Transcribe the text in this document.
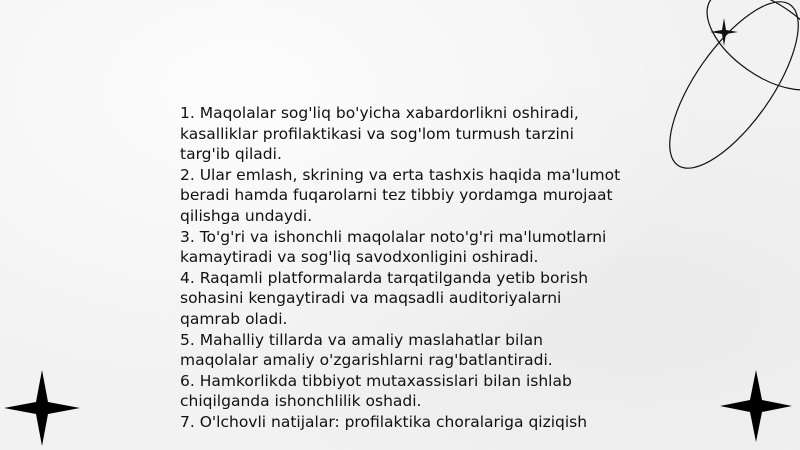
1. Maqolalar sog'liq bo'yicha xabardorlikni oshiradi, kasalliklar profilaktikasi va sog'lom turmush tarzini targ'ib qiladi.

2. Ular emlash, skrining va erta tashxis haqida ma'lumot beradi hamda fuqarolarni tez tibbiy yordamga murojaat qilishga undaydi.

3. To'g'ri va ishonchli maqolalar noto'g'ri ma'lumotlarni kamaytiradi va sog'liq savodxonligini oshiradi.

4. Raqamli platformalarda tarqatilganda yetib borish sohasini kengaytiradi va maqsadli auditoriyalarni qamrab oladi.

5. Mahalliy tillarda va amaliy maslahatlar bilan maqolalar amaliy o'zgarishlarni rag'batlantiradi.

6. Hamkorlikda tibbiyot mutaxassislari bilan ishlab chiqilganda ishonchlilik oshadi.

7. O'lchovli natijalar: profilaktika choralariga qiziqish
